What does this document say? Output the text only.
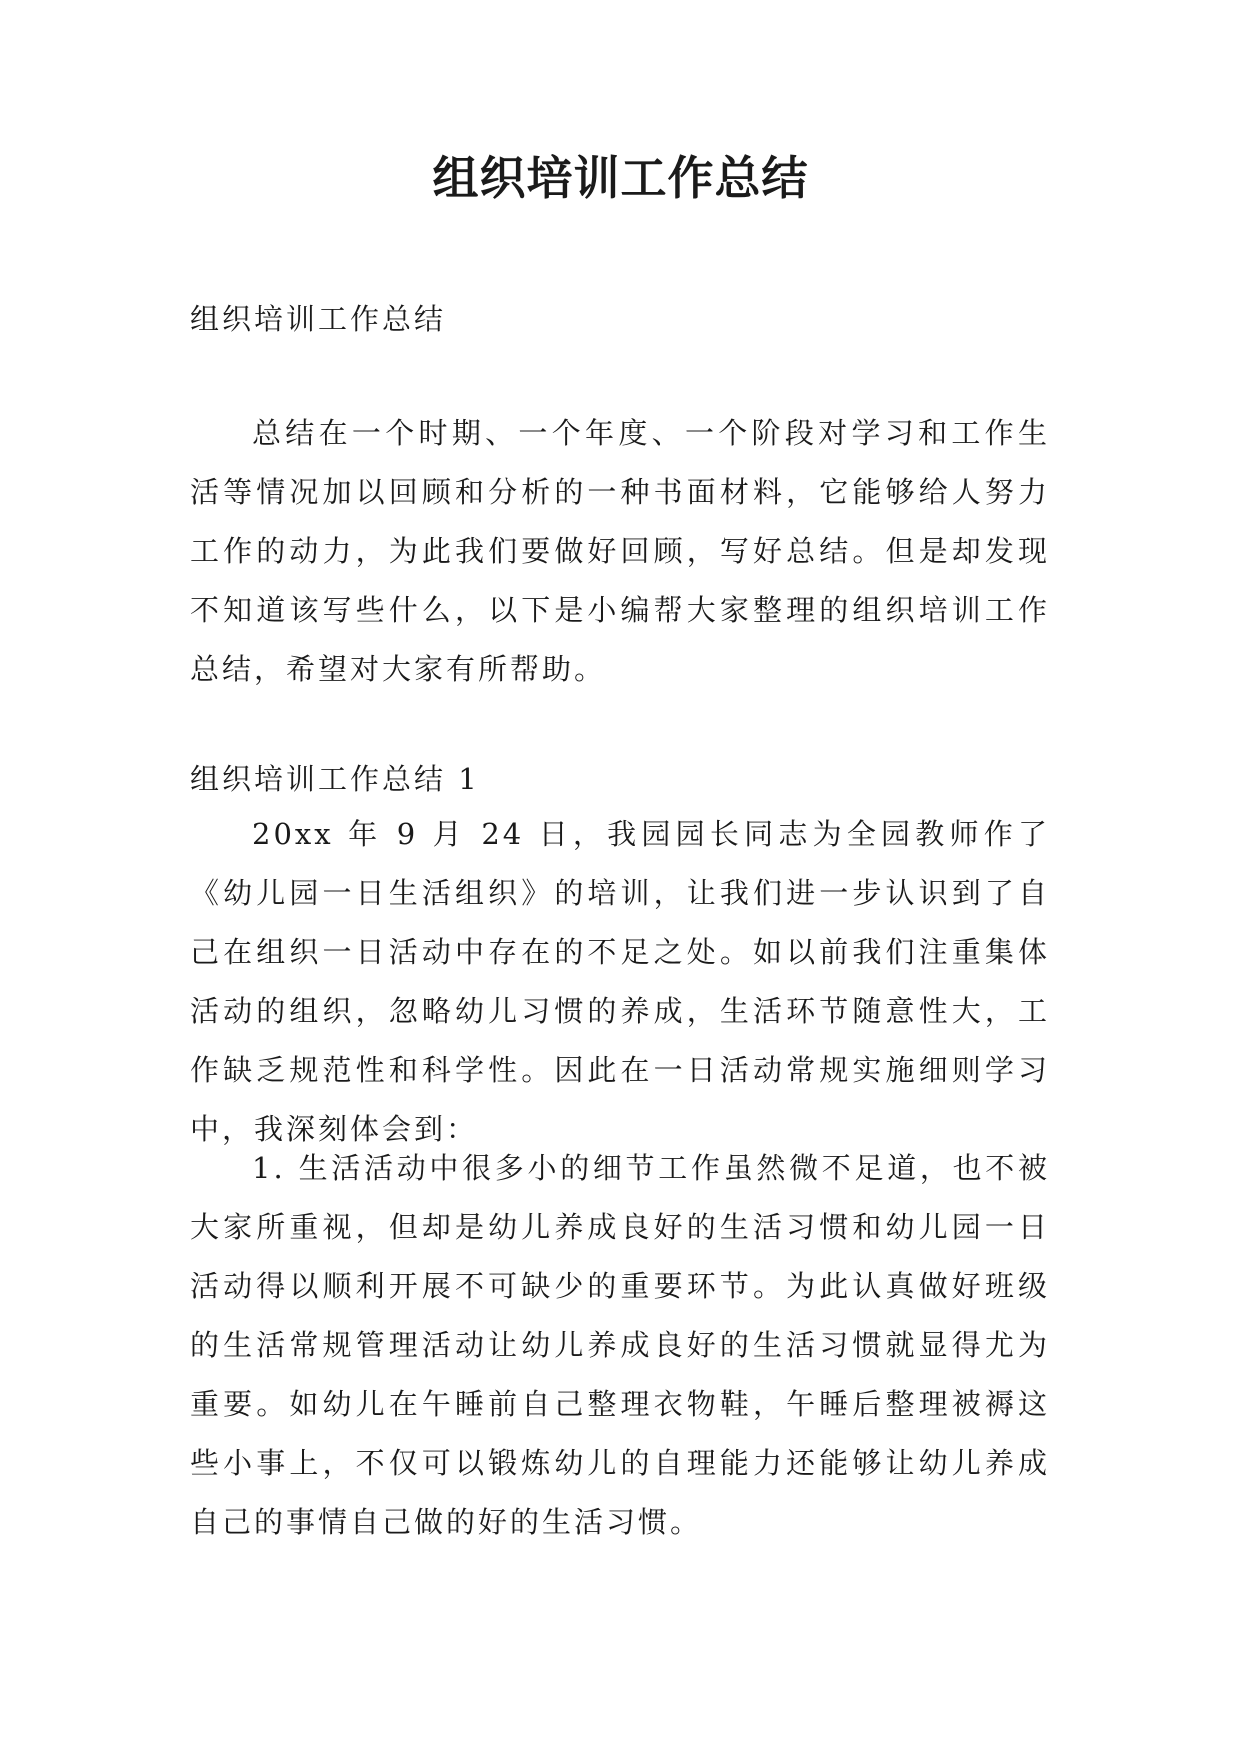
组织培训工作总结

组织培训工作总结

总结在一个时期、一个年度、一个阶段对学习和工作生活等情况加以回顾和分析的一种书面材料，它能够给人努力工作的动力，为此我们要做好回顾，写好总结。但是却发现不知道该写些什么，以下是小编帮大家整理的组织培训工作总结，希望对大家有所帮助。

组织培训工作总结 1

20xx 年 9 月 24 日，我园园长同志为全园教师作了《幼儿园一日生活组织》的培训，让我们进一步认识到了自己在组织一日活动中存在的不足之处。如以前我们注重集体活动的组织，忽略幼儿习惯的养成，生活环节随意性大，工作缺乏规范性和科学性。因此在一日活动常规实施细则学习中，我深刻体会到：

1. 生活活动中很多小的细节工作虽然微不足道，也不被大家所重视，但却是幼儿养成良好的生活习惯和幼儿园一日活动得以顺利开展不可缺少的重要环节。为此认真做好班级的生活常规管理活动让幼儿养成良好的生活习惯就显得尤为重要。如幼儿在午睡前自己整理衣物鞋，午睡后整理被褥这些小事上，不仅可以锻炼幼儿的自理能力还能够让幼儿养成自己的事情自己做的好的生活习惯。
